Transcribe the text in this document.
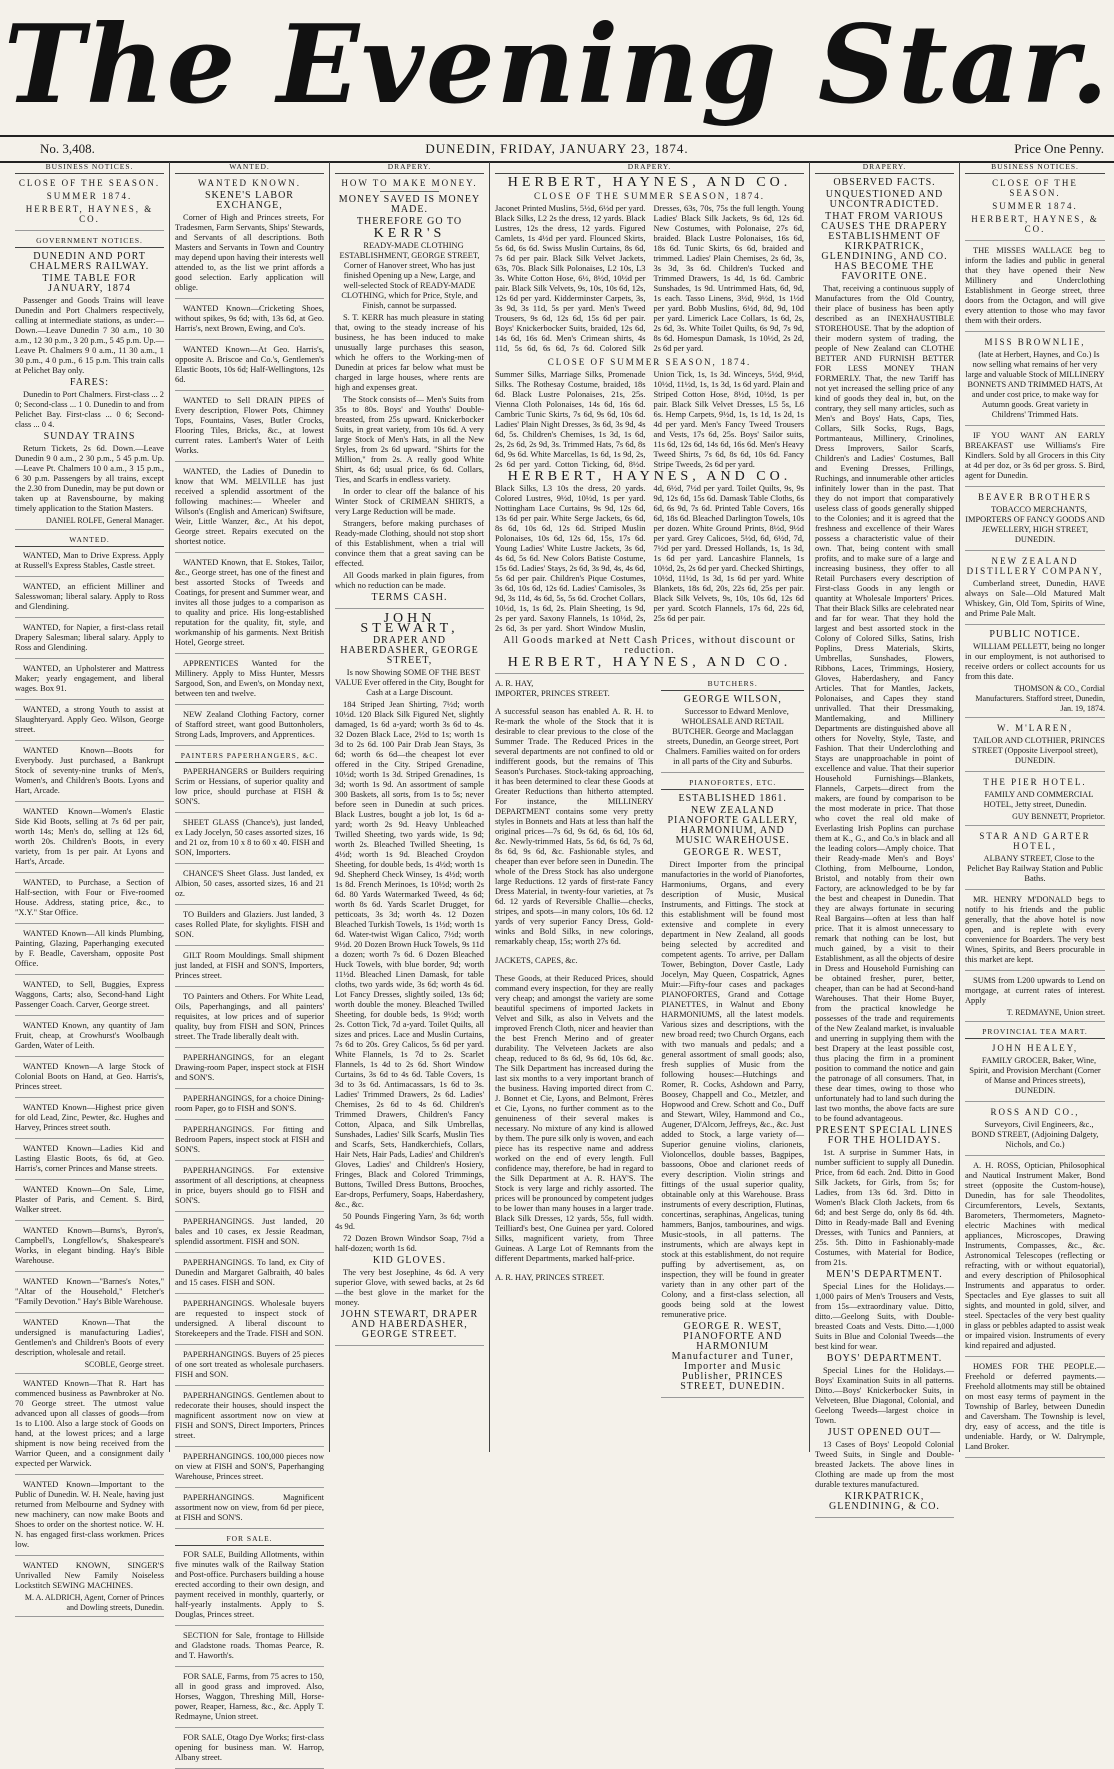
The Evening Star.
No. 3,408.	DUNEDIN, FRIDAY, JANUARY 23, 1874.	Price One Penny.
BUSINESS NOTICES.
CLOSE OF THE SEASON.
SUMMER 1874.
HERBERT, HAYNES, & CO.
GOVERNMENT NOTICES.
DUNEDIN AND PORT CHALMERS RAILWAY.
TIME TABLE FOR JANUARY, 1874

Passenger and Goods Trains will leave Dunedin and Port Chalmers respectively, calling at intermediate stations, as under:— Down.—Leave Dunedin 7 30 a.m., 10 30 a.m., 12 30 p.m., 3 20 p.m., 5 45 p.m. Up.—Leave Pt. Chalmers 9 0 a.m., 11 30 a.m., 1 30 p.m., 4 0 p.m., 6 15 p.m. This train calls at Pelichet Bay only.

FARES:

Dunedin to Port Chalmers. First-class ... 2 0; Second-class ... 1 0. Dunedin to and from Pelichet Bay. First-class ... 0 6; Second-class ... 0 4.

SUNDAY TRAINS

Return Tickets, 2s 6d. Down.—Leave Dunedin 9 0 a.m., 2 30 p.m., 5 45 p.m. Up.—Leave Pt. Chalmers 10 0 a.m., 3 15 p.m., 6 30 p.m. Passengers by all trains, except the 2.30 from Dunedin, may be put down or taken up at Ravensbourne, by making timely application to the Station Masters.

DANIEL ROLFE, General Manager.
WANTED.

WANTED, Man to Drive Express. Apply at Russell's Express Stables, Castle street.

WANTED, an efficient Milliner and Salesswoman; liberal salary. Apply to Ross and Glendining.

WANTED, for Napier, a first-class retail Drapery Salesman; liberal salary. Apply to Ross and Glendining.

WANTED, an Upholsterer and Mattress Maker; yearly engagement, and liberal wages. Box 91.

WANTED, a strong Youth to assist at Slaughteryard. Apply Geo. Wilson, George street.

WANTED Known—Boots for Everybody. Just purchased, a Bankrupt Stock of seventy-nine trunks of Men's, Women's, and Children's Boots. Lyons and Hart, Arcade.

WANTED Known—Women's Elastic Side Kid Boots, selling at 7s 6d per pair, worth 14s; Men's do, selling at 12s 6d, worth 20s. Children's Boots, in every variety, from 1s per pair. At Lyons and Hart's, Arcade.

WANTED, to Purchase, a Section of Half-section, with Four or Five-roomed House. Address, stating price, &c., to "X.Y." Star Office.

WANTED Known—All kinds Plumbing, Painting, Glazing, Paperhanging executed by F. Beadle, Caversham, opposite Post Office.

WANTED, to Sell, Buggies, Express Waggons, Carts; also, Second-hand Light Passenger Coach. Carver, George street.

WANTED Known, any quantity of Jam Fruit, cheap, at Crowhurst's Woolbaugh Garden, Water of Leith.

WANTED Known—A large Stock of Colonial Boots on Hand, at Geo. Harris's, Princes street.

WANTED Known—Highest price given for old Lead, Zinc, Pewter, &c. Hughes and Harvey, Princes street south.

WANTED Known—Ladies Kid and Lasting Elastic Boots, 6s 6d, at Geo. Harris's, corner Princes and Manse streets.

WANTED Known—On Sale, Lime, Plaster of Paris, and Cement. S. Bird, Walker street.

WANTED Known—Burns's, Byron's, Campbell's, Longfellow's, Shakespeare's Works, in elegant binding. Hay's Bible Warehouse.

WANTED Known—"Barnes's Notes," "Altar of the Household," Fletcher's "Family Devotion." Hay's Bible Warehouse.

WANTED Known—That the undersigned is manufacturing Ladies', Gentlemen's and Children's Boots of every description, wholesale and retail.

SCOBLE, George street.

WANTED Known—That R. Hart has commenced business as Pawnbroker at No. 70 George street. The utmost value advanced upon all classes of goods—from 1s to L100. Also a large stock of Goods on hand, at the lowest prices; and a large shipment is now being received from the Warrior Queen, and a consignment daily expected per Warwick.

WANTED Known—Important to the Public of Dunedin. W. H. Neale, having just returned from Melbourne and Sydney with new machinery, can now make Boots and Shoes to order on the shortest notice. W. H. N. has engaged first-class workmen. Prices low.

WANTED KNOWN, SINGER'S Unrivalled New Family Noiseless Lockstitch SEWING MACHINES.

M. A. ALDRICH, Agent, Corner of Princes and Dowling streets, Dunedin.
WANTED.
WANTED KNOWN.
SKENE'S LABOR EXCHANGE,

Corner of High and Princes streets, For Tradesmen, Farm Servants, Ships' Stewards, and Servants of all descriptions. Both Masters and Servants in Town and Country may depend upon having their interests well attended to, as the list we print affords a good selection. Early application will oblige.

WANTED Known—Cricketing Shoes, without spikes, 9s 6d; with, 13s 6d, at Geo. Harris's, next Brown, Ewing, and Co's.

WANTED Known—At Geo. Harris's, opposite A. Briscoe and Co.'s, Gentlemen's Elastic Boots, 10s 6d; Half-Wellingtons, 12s 6d.

WANTED to Sell DRAIN PIPES of Every description, Flower Pots, Chimney Tops, Fountains, Vases, Butler Crocks, Flooring Tiles, Bricks, &c., at lowest current rates. Lambert's Water of Leith Works.

WANTED, the Ladies of Dunedin to know that WM. MELVILLE has just received a splendid assortment of the following machines:— Wheeler and Wilson's (English and American) Swiftsure, Weir, Little Wanzer, &c., At his depot, George street. Repairs executed on the shortest notice.

WANTED Known, that E. Stokes, Tailor, &c., George street, has one of the finest and best assorted Stocks of Tweeds and Coatings, for present and Summer wear, and invites all those judges to a comparison as to quality and price. His long-established reputation for the quality, fit, style, and workmanship of his garments. Next British Hotel, George street.

APPRENTICES Wanted for the Millinery. Apply to Miss Hunter, Messrs Sargood, Son, and Ewen's, on Monday next, between ten and twelve.

NEW Zealand Clothing Factory, corner of Stafford street, want good Buttonholers, Strong Lads, Improvers, and Apprentices.

PAINTERS PAPERHANGERS, &C.

PAPERHANGERS or Builders requiring Scrim or Hessians, of superior quality and low price, should purchase at FISH & SON'S.

SHEET GLASS (Chance's), just landed, ex Lady Jocelyn, 50 cases assorted sizes, 16 and 21 oz, from 10 x 8 to 60 x 40. FISH and SON, Importers.

CHANCE'S Sheet Glass. Just landed, ex Albion, 50 cases, assorted sizes, 16 and 21 oz.

TO Builders and Glaziers. Just landed, 3 cases Rolled Plate, for skylights. FISH and SON.

GILT Room Mouldings. Small shipment just landed, at FISH and SON'S, Importers, Princes street.

TO Painters and Others. For White Lead, Oils, Paperhangings, and all painters' requisites, at low prices and of superior quality, buy from FISH and SON, Princes street. The Trade liberally dealt with.

PAPERHANGINGS, for an elegant Drawing-room Paper, inspect stock at FISH and SON'S.

PAPERHANGINGS, for a choice Dining-room Paper, go to FISH and SON'S.

PAPERHANGINGS. For fitting and Bedroom Papers, inspect stock at FISH and SON'S.

PAPERHANGINGS. For extensive assortment of all descriptions, at cheapness in price, buyers should go to FISH and SON'S.

PAPERHANGINGS. Just landed, 20 bales and 10 cases, ex Jessie Readman, splendid assortment. FISH and SON.

PAPERHANGINGS. To land, ex City of Dunedin and Margaret Galbraith, 40 bales and 15 cases. FISH and SON.

PAPERHANGINGS. Wholesale buyers are requested to inspect stock of undersigned. A liberal discount to Storekeepers and the Trade. FISH and SON.

PAPERHANGINGS. Buyers of 25 pieces of one sort treated as wholesale purchasers. FISH and SON.

PAPERHANGINGS. Gentlemen about to redecorate their houses, should inspect the magnificent assortment now on view at FISH and SON'S, Direct Importers, Princes street.

PAPERHANGINGS. 100,000 pieces now on view at FISH and SON'S, Paperhanging Warehouse, Princes street.

PAPERHANGINGS. Magnificent assortment now on view, from 6d per piece, at FISH and SON'S.

FOR SALE.

FOR SALE, Building Allotments, within five minutes walk of the Railway Station and Post-office. Purchasers building a house erected according to their own design, and payment received in monthly, quarterly, or half-yearly instalments. Apply to S. Douglas, Princes street.

SECTION for Sale, frontage to Hillside and Gladstone roads. Thomas Pearce, R. and T. Haworth's.

FOR SALE, Farms, from 75 acres to 150, all in good grass and improved. Also, Horses, Waggon, Threshing Mill, Horse-power, Reaper, Harness, &c., &c. Apply T. Redmayne, Union street.

FOR SALE, Otago Dye Works; first-class opening for business man. W. Harrop, Albany street.

DRAPERY.
HOW TO MAKE MONEY.
MONEY SAVED IS MONEY MADE.
THEREFORE GO TO
KERR'S

READY-MADE CLOTHING ESTABLISHMENT, GEORGE STREET, Corner of Hanover street, Who has just finished Opening up a New, Large, and well-selected Stock of READY-MADE CLOTHING, which for Price, Style, and Finish, cannot be surpassed.

S. T. KERR has much pleasure in stating that, owing to the steady increase of his business, he has been induced to make unusually large purchases this season, which he offers to the Working-men of Dunedin at prices far below what must be charged in large houses, where rents are high and expenses great.

The Stock consists of— Men's Suits from 35s to 80s. Boys' and Youths' Double-breasted, from 25s upward. Knickerbocker Suits, in great variety, from 10s 6d. A very large Stock of Men's Hats, in all the New Styles, from 2s 6d upward. "Shirts for the Million," from 2s. A really good White Shirt, 4s 6d; usual price, 6s 6d. Collars, Ties, and Scarfs in endless variety.

In order to clear off the balance of his Winter Stock of CRIMEAN SHIRTS, a very Large Reduction will be made.

Strangers, before making purchases of Ready-made Clothing, should not stop short of this Establishment, when a trial will convince them that a great saving can be effected.

All Goods marked in plain figures, from which no reduction can be made.

TERMS CASH.
JOHN STEWART,
DRAPER AND HABERDASHER, GEORGE STREET,

Is now Showing SOME OF THE BEST VALUE Ever offered in the City, Bought for Cash at a Large Discount.

184 Striped Jean Shirting, 7½d; worth 10½d. 120 Black Silk Figured Net, slightly damaged, 1s 6d a-yard; worth 3s 6d to 4s. 32 Dozen Black Lace, 2½d to 1s; worth 1s 3d to 2s 6d. 100 Pair Drab Jean Stays, 3s 6d; worth 6s 6d—the cheapest lot ever offered in the City. Striped Grenadine, 10½d; worth 1s 3d. Striped Grenadines, 1s 3d; worth 1s 9d. An assortment of sample 300 Baskets, all sorts, from 1s to 5s; never before seen in Dunedin at such prices. Black Lustres, bought a job lot, 1s 6d a-yard; worth 2s 9d. Heavy Unbleached Twilled Sheeting, two yards wide, 1s 9d; worth 2s. Bleached Twilled Sheeting, 1s 4½d; worth 1s 9d. Bleached Croydon Sheeting, for double beds, 1s 4½d; worth 1s 9d. Shepherd Check Winsey, 1s 4½d; worth 1s 8d. French Merinoes, 1s 10½d; worth 2s 6d. 80 Yards Watermarked Tweed, 4s 6d; worth 8s 6d. Yards Scarlet Drugget, for petticoats, 3s 3d; worth 4s. 12 Dozen Bleached Turkish Towels, 1s 1½d; worth 1s 6d. Water-twist Wigan Calico, 7½d; worth 9½d. 20 Dozen Brown Huck Towels, 9s 11d a dozen; worth 7s 6d. 6 Dozen Bleached Huck Towels, with blue border, 9d; worth 11½d. Bleached Linen Damask, for table cloths, two yards wide, 3s 6d; worth 4s 6d. Lot Fancy Dresses, slightly soiled, 13s 6d; worth double the money. Bleached Twilled Sheeting, for double beds, 1s 9½d; worth 2s. Cotton Tick, 7d a-yard. Toilet Quilts, all sizes and prices. Lace and Muslin Curtains, 7s 6d to 20s. Grey Calicos, 5s 6d per yard. White Flannels, 1s 7d to 2s. Scarlet Flannels, 1s 4d to 2s 6d. Short Window Curtains, 3s 6d to 4s 6d. Table Covers, 1s 3d to 3s 6d. Antimacassars, 1s 6d to 3s. Ladies' Trimmed Drawers, 2s 6d. Ladies' Chemises, 2s 6d to 4s 6d. Children's Trimmed Drawers, Children's Fancy Cotton, Alpaca, and Silk Umbrellas, Sunshades, Ladies' Silk Scarfs, Muslin Ties and Scarfs, Sets, Handkerchiefs, Collars, Hair Nets, Hair Pads, Ladies' and Children's Gloves, Ladies' and Children's Hosiery, Fringes, Black and Colored Trimmings, Buttons, Twilled Dress Buttons, Brooches, Ear-drops, Perfumery, Soaps, Haberdashery, &c., &c.

50 Pounds Fingering Yarn, 3s 6d; worth 4s 9d.

72 Dozen Brown Windsor Soap, 7½d a half-dozen; worth 1s 6d.

KID GLOVES.

The very best Josephine, 4s 6d. A very superior Glove, with sewed backs, at 2s 6d—the best glove in the market for the money.

JOHN STEWART, DRAPER AND HABERDASHER, GEORGE STREET.
DRAPERY.
HERBERT, HAYNES, AND CO.
CLOSE OF THE SUMMER SEASON, 1874.
Jaconet Printed Muslins, 5½d, 6½d per yard. Black Silks, L2 2s the dress, 12 yards. Black Lustres, 12s the dress, 12 yards. Figured Camlets, 1s 4½d per yard. Flounced Skirts, 5s 6d, 6s 6d. Swiss Muslin Curtains, 8s 6d, 7s 6d per pair. Black Silk Velvet Jackets, 63s, 70s. Black Silk Polonaises, L2 10s, L3 3s. White Cotton Hose, 6½, 8½d, 10½d per pair. Black Silk Velvets, 9s, 10s, 10s 6d, 12s, 12s 6d per yard. Kidderminster Carpets, 3s, 3s 9d, 3s 11d, 5s per yard. Men's Tweed Trousers, 9s 6d, 12s 6d, 15s 6d per pair. Boys' Knickerbocker Suits, braided, 12s 6d, 14s 6d, 16s 6d. Men's Crimean shirts, 4s 11d, 5s 6d, 6s 6d, 7s 6d. Colored Silk Dresses, 63s, 70s, 75s the full length. Young Ladies' Black Silk Jackets, 9s 6d, 12s 6d. New Costumes, with Polonaise, 27s 6d, braided. Black Lustre Polonaises, 16s 6d, 18s 6d. Tunic Skirts, 6s 6d, braided and trimmed. Ladies' Plain Chemises, 2s 6d, 3s, 3s 3d, 3s 6d. Children's Tucked and Trimmed Drawers, 1s 4d, 1s 6d. Cambric Sunshades, 1s 9d. Untrimmed Hats, 6d, 9d, 1s each. Tasso Linens, 3½d, 9½d, 1s 1½d per yard. Bobb Muslins, 6½d, 8d, 9d, 10d per yard. Limerick Lace Collars, 1s 6d, 2s, 2s 6d, 3s. White Toilet Quilts, 6s 9d, 7s 9d, 8s 6d. Homespun Damask, 1s 10½d, 2s 2d, 2s 6d per yard.
CLOSE OF SUMMER SEASON, 1874.
Summer Silks, Marriage Silks, Promenade Silks. The Rothesay Costume, braided, 18s 6d. Black Lustre Polonaises, 21s, 25s. Vienna Cloth Polonaises, 14s 6d, 16s 6d. Cambric Tunic Skirts, 7s 6d, 9s 6d, 10s 6d. Ladies' Plain Night Dresses, 3s 6d, 3s 9d, 4s 6d, 5s. Children's Chemises, 1s 3d, 1s 6d, 2s, 2s 6d, 2s 9d, 3s. Trimmed Hats, 7s 6d, 8s 6d, 9s 6d. White Marcellas, 1s 6d, 1s 9d, 2s, 2s 6d per yard. Cotton Ticking, 6d, 8½d. Union Tick, 1s, 1s 3d. Winceys, 5½d, 9½d, 10½d, 11½d, 1s, 1s 3d, 1s 6d yard. Plain and Striped Cotton Hose, 8½d, 10½d, 1s per pair. Black Silk Velvet Dresses, L5 5s, L6 6s. Hemp Carpets, 9½d, 1s, 1s 1d, 1s 2d, 1s 4d per yard. Men's Fancy Tweed Trousers and Vests, 17s 6d, 25s. Boys' Sailor suits, 11s 6d, 12s 6d, 14s 6d, 16s 6d. Men's Heavy Tweed Shirts, 7s 6d, 8s 6d, 10s 6d. Fancy Stripe Tweeds, 2s 6d per yard.
HERBERT, HAYNES, AND CO.
Black Silks, L3 10s the dress, 20 yards. Colored Lustres, 9½d, 10½d, 1s per yard. Nottingham Lace Curtains, 9s 9d, 12s 6d, 13s 6d per pair. White Serge Jackets, 6s 6d, 8s 6d, 10s 6d, 12s 6d. Striped Muslin Polonaises, 10s 6d, 12s 6d, 15s, 17s 6d. Young Ladies' White Lustre Jackets, 3s 6d, 4s 6d, 5s 6d. New Colors Batiste Costume, 15s 6d. Ladies' Stays, 2s 6d, 3s 9d, 4s, 4s 6d, 5s 6d per pair. Children's Pique Costumes, 3s 6d, 10s 6d, 12s 6d. Ladies' Camisoles, 3s 9d, 3s 11d, 4s 6d, 5s, 5s 6d. Crochet Collars, 10½d, 1s, 1s 6d, 2s. Plain Sheeting, 1s 9d, 2s per yard. Saxony Flannels, 1s 10½d, 2s, 2s 6d, 3s per yard. Short Window Muslin, 4d, 6½d, 7½d per yard. Toilet Quilts, 9s, 9s 9d, 12s 6d, 15s 6d. Damask Table Cloths, 6s 6d, 6s 9d, 7s 6d. Printed Table Covers, 16s 6d, 18s 6d. Bleached Darlington Towels, 10s per dozen. White Ground Prints, 8½d, 9½d per yard. Grey Calicoes, 5½d, 6d, 6½d, 7d, 7½d per yard. Dressed Hollands, 1s, 1s 3d, 1s 6d per yard. Lancashire Flannels, 1s 10½d, 2s, 2s 6d per yard. Checked Shirtings, 10½d, 11½d, 1s 3d, 1s 6d per yard. White Blankets, 18s 6d, 20s, 22s 6d, 25s per pair. Black Silk Velvets, 9s, 10s, 10s 6d, 12s 6d per yard. Scotch Flannels, 17s 6d, 22s 6d, 25s 6d per pair.
All Goods marked at Nett Cash Prices, without discount or reduction.
HERBERT, HAYNES, AND CO.
A. R. HAY,
IMPORTER, PRINCES STREET.

A successful season has enabled A. R. H. to Re-mark the whole of the Stock that it is desirable to clear previous to the close of the Summer Trade. The Reduced Prices in the several departments are not confined to old or indifferent goods, but the remains of This Season's Purchases. Stock-taking approaching, it has been determined to clear these Goods at Greater Reductions than hitherto attempted. For instance, the MILLINERY DEPARTMENT contains some very pretty styles in Bonnets and Hats at less than half the original prices—7s 6d, 9s 6d, 6s 6d, 10s 6d, &c. Newly-trimmed Hats, 5s 6d, 6s 6d, 7s 6d, 8s 6d, 9s 6d, &c. Fashionable styles, and cheaper than ever before seen in Dunedin. The whole of the Dress Stock has also undergone large Reductions. 12 yards of first-rate Fancy Dress Material, in twenty-four varieties, at 7s 6d. 12 yards of Reversible Challie—checks, stripes, and spots—in many colors, 10s 6d. 12 yards of very superior Fancy Dress, Gold-winks and Bold Silks, in new colorings, remarkably cheap, 15s; worth 27s 6d.

JACKETS, CAPES, &c.

These Goods, at their Reduced Prices, should command every inspection, for they are really very cheap; and amongst the variety are some beautiful specimens of imported Jackets in Velvet and Silk, as also in Velvets and the improved French Cloth, nicer and heavier than the best French Merino and of greater durability. The Velveteen Jackets are also cheap, reduced to 8s 6d, 9s 6d, 10s 6d, &c. The Silk Department has increased during the last six months to a very important branch of the business. Having imported direct from C. J. Bonnet et Cie, Lyons, and Belmont, Frères et Cie, Lyons, no further comment as to the genuineness of their several makes is necessary. No mixture of any kind is allowed by them. The pure silk only is woven, and each piece has its respective name and address worked on the end of every length. Full confidence may, therefore, be had in regard to the Silk Department at A. R. HAY'S. The Stock is very large and richly assorted. The prices will be pronounced by competent judges to be lower than many houses in a larger trade. Black Silk Dresses, 12 yards, 55s, full width. Teilliard's best, One Guinea per yard. Colored Silks, magnificent variety, from Three Guineas. A Large Lot of Remnants from the different Departments, marked half-price.

A. R. HAY, PRINCES STREET.
BUTCHERS.
GEORGE WILSON,

Successor to Edward Menlove, WHOLESALE AND RETAIL BUTCHER. George and Maclaggan streets, Dunedin, an George street, Port Chalmers. Families waited on for orders in all parts of the City and Suburbs.

PIANOFORTES, ETC.
ESTABLISHED 1861.
NEW ZEALAND PIANOFORTE GALLERY, HARMONIUM, AND MUSIC WAREHOUSE.
GEORGE R. WEST,

Direct Importer from the principal manufactories in the world of Pianofortes, Harmoniums, Organs, and every description of Music, Musical Instruments, and Fittings. The stock at this establishment will be found most extensive and complete in every department in New Zealand, all goods being selected by accredited and competent agents. To arrive, per Dallam Tower, Bebington, Dover Castle, Lady Jocelyn, May Queen, Cospatrick, Agnes Muir:—Fifty-four cases and packages PIANOFORTES, Grand and Cottage PIANETTES, in Walnut and Ebony HARMONIUMS, all the latest models. Various sizes and descriptions, with the new broad reed; two Church Organs, each with two manuals and pedals; and a general assortment of small goods; also, fresh supplies of Music from the following houses:—Hutchings and Romer, R. Cocks, Ashdown and Parry, Boosey, Chappell and Co., Metzler, and Hopwood and Crew. Schott and Co., Duff and Stewart, Wiley, Hammond and Co., Augener, D'Alcorn, Jeffreys, &c., &c. Just added to Stock, a large variety of—Superior genuine violins, clarionets, Violoncellos, double basses, Bagpipes, bassoons, Oboe and clarionet reeds of every description. Violin strings and fittings of the usual superior quality, obtainable only at this Warehouse. Brass instruments of every description, Flutinas, concertinas, seraphinas, Angelicas, tuning hammers, Banjos, tambourines, and wigs. Music-stools, in all patterns. The instruments, which are always kept in stock at this establishment, do not require puffing by advertisement, as, on inspection, they will be found in greater variety than in any other part of the Colony, and a first-class selection, all goods being sold at the lowest remunerative price.

GEORGE R. WEST, PIANOFORTE AND HARMONIUM Manufacturer and Tuner, Importer and Music Publisher, PRINCES STREET, DUNEDIN.
DRAPERY.
OBSERVED FACTS.
UNQUESTIONED AND UNCONTRADICTED.
THAT FROM VARIOUS CAUSES THE DRAPERY ESTABLISHMENT OF KIRKPATRICK, GLENDINING, AND CO. HAS BECOME THE FAVORITE ONE.

That, receiving a continuous supply of Manufactures from the Old Country, their place of business has been aptly described as an INEXHAUSTIBLE STOREHOUSE. That by the adoption of their modern system of trading, the people of New Zealand can CLOTHE BETTER AND FURNISH BETTER FOR LESS MONEY THAN FORMERLY. That, the new Tariff has not yet increased the selling price of any kind of goods they deal in, but, on the contrary, they sell many articles, such as Men's and Boys' Hats, Caps, Ties, Collars, Silk Socks, Rugs, Bags, Portmanteaus, Millinery, Crinolines, Dress Improvers, Sailor Scarfs, Children's and Ladies' Costumes, Ball and Evening Dresses, Frillings, Ruchings, and innumerable other articles infinitely lower than in the past. That they do not import that comparatively useless class of goods generally shipped to the Colonies; and it is agreed that the freshness and excellence of their Wares possess a characteristic value of their own. That, being content with small profits, and to make sure of a large and increasing business, they offer to all Retail Purchasers every description of First-class Goods in any length or quantity at Wholesale Importers' Prices. That their Black Silks are celebrated near and far for wear. That they hold the largest and best assorted stock in the Colony of Colored Silks, Satins, Irish Poplins, Dress Materials, Skirts, Umbrellas, Sunshades, Flowers, Ribbons, Laces, Trimmings, Hosiery, Gloves, Haberdashery, and Fancy Articles. That for Mantles, Jackets, Polonaises, and Capes they stand unrivalled. That their Dressmaking, Mantlemaking, and Millinery Departments are distinguished above all others for Novelty, Style, Taste, and Fashion. That their Underclothing and Stays are unapproachable in point of excellence and value. That their superior Household Furnishings—Blankets, Flannels, Carpets—direct from the makers, are found by comparison to be the most moderate in price. That those who covet the real old make of Everlasting Irish Poplins can purchase them at K., G., and Co.'s in black and all the leading colors—Amply choice. That their Ready-made Men's and Boys' Clothing, from Melbourne, London, Bristol, and notably from their own Factory, are acknowledged to be by far the best and cheapest in Dunedin. That they are always fortunate in securing Real Bargains—often at less than half price. That it is almost unnecessary to remark that nothing can be lost, but much gained, by a visit to their Establishment, as all the objects of desire in Dress and Household Furnishing can be obtained fresher, purer, better, cheaper, than can be had at Second-hand Warehouses. That their Home Buyer, from the practical knowledge he possesses of the trade and requirements of the New Zealand market, is invaluable and unerring in supplying them with the best Drapery at the least possible cost, thus placing the firm in a prominent position to command the notice and gain the patronage of all consumers. That, in these dear times, owing to those who unfortunately had to land such during the last two months, the above facts are sure to be found advantageous.

PRESENT SPECIAL LINES FOR THE HOLIDAYS.

1st. A surprise in Summer Hats, in number sufficient to supply all Dunedin. Price, from 6d each. 2nd. Ditto in Good Silk Jackets, for Girls, from 5s; for Ladies, from 13s 6d. 3rd. Ditto in Women's Black Cloth Jackets, from 6s 6d; and best Serge do, only 8s 6d. 4th. Ditto in Ready-made Ball and Evening Dresses, with Tunics and Panniers, at 25s. 5th. Ditto in Fashionably-made Costumes, with Material for Bodice, from 21s.

MEN'S DEPARTMENT.

Special Lines for the Holidays.—1,000 pairs of Men's Trousers and Vests, from 15s—extraordinary value. Ditto, ditto.—Geelong Suits, with Double-breasted Coats and Vests. Ditto.—1,000 Suits in Blue and Colonial Tweeds—the best kind for wear.

BOYS' DEPARTMENT.

Special Lines for the Holidays.—Boys' Examination Suits in all patterns. Ditto.—Boys' Knickerbocker Suits, in Velveteen, Blue Diagonal, Colonial, and Geelong Tweeds—largest choice in Town.

JUST OPENED OUT—

13 Cases of Boys' Leopold Colonial Tweed Suits, in Single and Double-breasted Jackets. The above lines in Clothing are made up from the most durable textures manufactured.

KIRKPATRICK, GLENDINING, & CO.
BUSINESS NOTICES.
CLOSE OF THE SEASON.
SUMMER 1874.
HERBERT, HAYNES, & CO.

THE MISSES WALLACE beg to inform the ladies and public in general that they have opened their New Millinery and Underclothing Establishment in George street, three doors from the Octagon, and will give every attention to those who may favor them with their orders.

MISS BROWNLIE,

(late at Herbert, Haynes, and Co.) Is now selling what remains of her very large and valuable Stock of MILLINERY BONNETS AND TRIMMED HATS, At and under cost price, to make way for Autumn goods. Great variety in Childrens' Trimmed Hats.

IF YOU WANT AN EARLY BREAKFAST use Williams's Fire Kindlers. Sold by all Grocers in this City at 4d per doz, or 3s 6d per gross. S. Bird, agent for Dunedin.

BEAVER BROTHERS

TOBACCO MERCHANTS, IMPORTERS OF FANCY GOODS AND JEWELLERY, HIGH STREET, DUNEDIN.

NEW ZEALAND DISTILLERY COMPANY,

Cumberland street, Dunedin, HAVE always on Sale—Old Matured Malt Whiskey, Gin, Old Tom, Spirits of Wine, and Prime Pale Malt.

PUBLIC NOTICE.

WILLIAM PELLETT, being no longer in our employment, is not authorised to receive orders or collect accounts for us from this date.

THOMSON & CO., Cordial Manufacturers. Stafford street, Dunedin, Jan. 19, 1874.
W. M'LAREN,

TAILOR AND CLOTHIER, PRINCES STREET (Opposite Liverpool street), DUNEDIN.

THE PIER HOTEL.

FAMILY AND COMMERCIAL HOTEL, Jetty street, Dunedin.

GUY BENNETT, Proprietor.
STAR AND GARTER HOTEL,

ALBANY STREET, Close to the Pelichet Bay Railway Station and Public Baths.

MR. HENRY M'DONALD begs to notify to his friends and the public generally, that the above hotel is now open, and is replete with every convenience for Boarders. The very best Wines, Spirits, and Beers procurable in this market are kept.

SUMS from L200 upwards to Lend on mortgage, at current rates of interest. Apply

T. REDMAYNE, Union street.
PROVINCIAL TEA MART.
JOHN HEALEY,

FAMILY GROCER, Baker, Wine, Spirit, and Provision Merchant (Corner of Manse and Princes streets), DUNEDIN.

ROSS AND CO.,

Surveyors, Civil Engineers, &c., BOND STREET, (Adjoining Dalgety, Nichols, and Co.)

A. H. ROSS, Optician, Philosophical and Nautical Instrument Maker, Bond street (opposite the Custom-house), Dunedin, has for sale Theodolites, Circumferentors, Levels, Sextants, Barometers, Thermometers, Magneto-electric Machines with medical appliances, Microscopes, Drawing Instruments, Compasses, &c., &c. Astronomical Telescopes (reflecting or refracting, with or without equatorial), and every description of Philosophical Instruments and apparatus to order. Spectacles and Eye glasses to suit all sights, and mounted in gold, silver, and steel. Spectacles of the very best quality in glass or pebbles adapted to assist weak or impaired vision. Instruments of every kind repaired and adjusted.

HOMES FOR THE PEOPLE.—Freehold or deferred payments.—Freehold allotments may still be obtained on most easy terms of payment in the Township of Barley, between Dunedin and Caversham. The Township is level, dry, easy of access, and the title is undeniable. Hardy, or W. Dalrymple, Land Broker.
